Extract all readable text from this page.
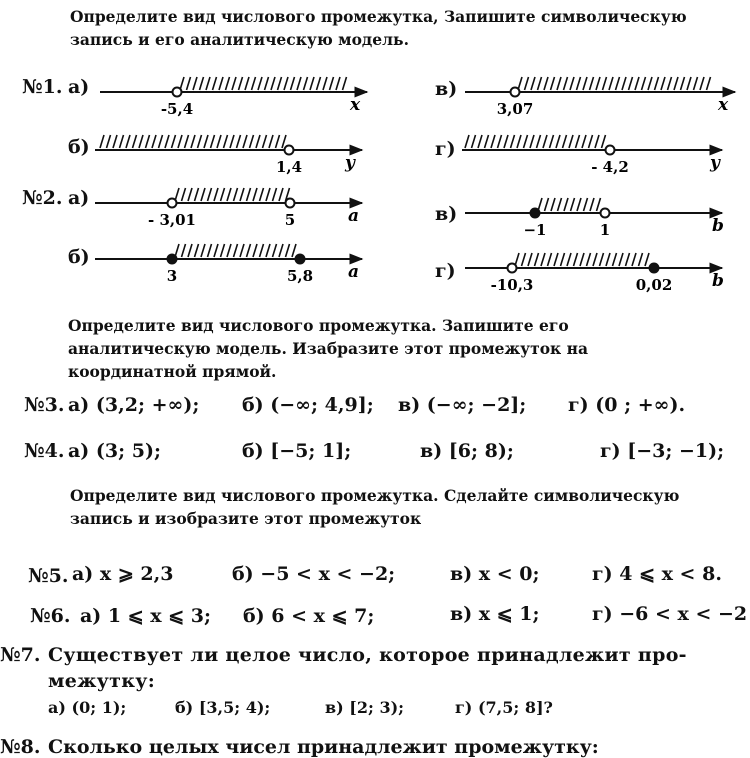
Определите вид числового промежутка, Запишите символическую
запись и его аналитическую модель.
-5,4	x
1,4	y
3,07	x
- 4,2	y
- 3,01	5	a
3	5,8 a
−1	1	b
-10,3	0,02 b
№1. а)
б)
в)
г)
№2. а)
б)
в)
г)
Определите вид числового промежутка. Запишите его
аналитическую модель. Изабразите этот промежуток на
координатной прямой.
№3. а) (3,2; +∞); б) (−∞; 4,9]; в) (−∞; −2]; г) (0 ; +∞).
№4. а) (3; 5);	б) [−5; 1];	в) [6; 8);	г) [−3; −1);
Определите вид числового промежутка. Сделайте символическую
запись и изобразите этот промежуток
№5. а) x ⩾ 2,3	б) −5 < x < −2;	в) x < 0;	г) 4 ⩽ x < 8.
№6. а) 1 ⩽ x ⩽ 3; б) 6 < x ⩽ 7;	в) x ⩽ 1;	г) −6 < x < −2
№7. Существует ли целое число, которое принадлежит про-
межутку:
а) (0; 1);	б) [3,5; 4);	в) [2; 3);	г) (7,5; 8]?
№8. Сколько целых чисел принадлежит промежутку:
